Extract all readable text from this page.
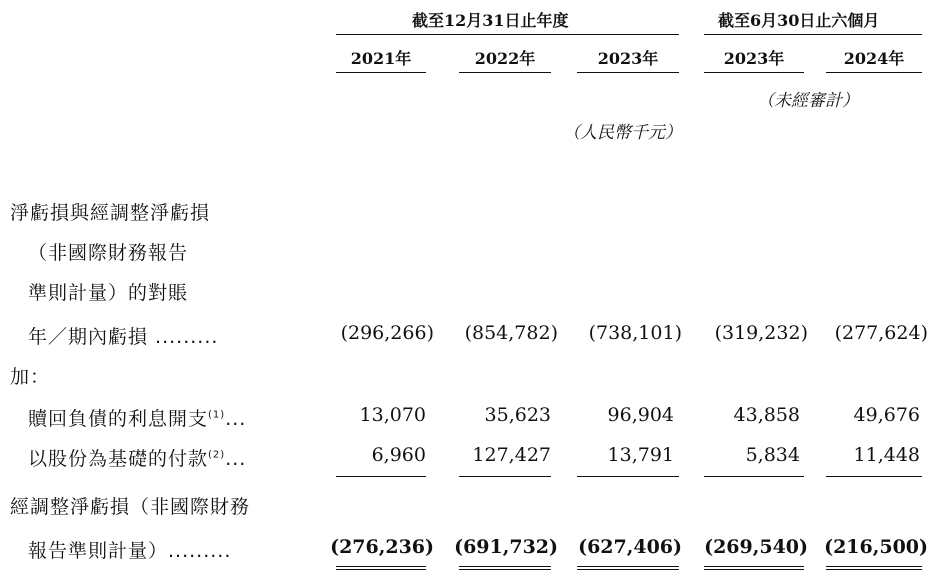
截至12月31日止年度	截至6月30日止六個月
2021年	2022年	2023年	2023年	2024年
（未經審計）
（人民幣千元）
淨虧損與經調整淨虧損
（非國際財務報告
準則計量）的對賬
年／期內虧損 .........	(296,266)	(854,782)	(738,101)	(319,232)	(277,624)
加：
贖回負債的利息開支$^{(1)}$...	13,070	35,623	96,904	43,858	49,676
以股份為基礎的付款$^{(2)}$...	6,960	127,427	13,791	5,834	11,448
經調整淨虧損（非國際財務
報告準則計量）.........	(276,236)	(691,732)	(627,406)	(269,540) (216,500)
